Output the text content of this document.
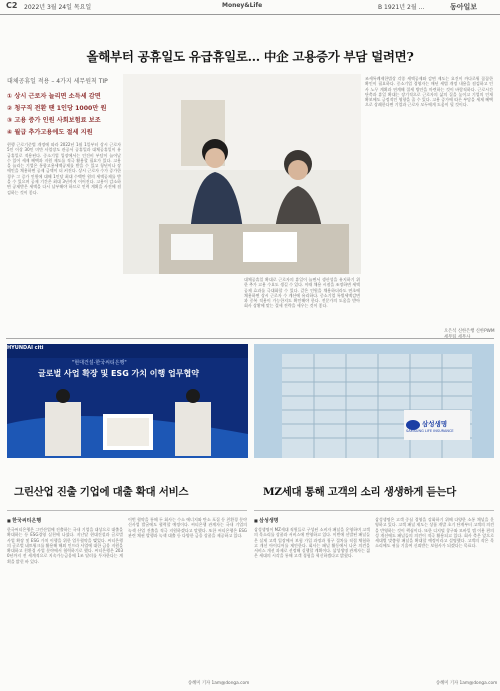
C2 2022년 3월 24일 목요일	Money&Life	B 1921년 2월 ...	동아일보
올해부터 공휴일도 유급휴일로… 中企 고용증가 부담 덜려면?
대체공휴일 적용 – 4가지 세무원칙 TIP
① 상시 근로자 늘리면 소득세 감면
② 청구직 전환 땐 1인당 1000만 원
③ 고용 증가 인원 사회보험료 보조
④ 월급 추가고용에도 절세 지원
현행 근로기준법 개정에 따라 2022년 1월 1일부터 상시 근로자 5인 이상 30인 미만 사업장도 관공서 공휴일과 대체공휴일이 유급휴일로 적용된다. 중소기업 입장에서는 인건비 부담이 늘어날 수 있어 세제 혜택과 지원 제도를 적극 활용할 필요가 있다. 고용을 늘리는 기업은 통합고용세액공제를 받을 수 있고 청년이나 장애인을 채용하면 공제 금액이 더 커진다. 상시 근로자 수가 증가한 경우 그 증가 인원에 대해 1인당 최대 수백만 원의 세액공제를 받을 수 있으며 공제 기간은 최대 3년까지 이어진다. 고용이 감소하면 공제받은 세액을 다시 납부해야 하므로 인력 계획을 사전에 점검하는 것이 좋다.
대체공휴일 확대로 근로자의 휴일이 늘면서 생산성을 유지하기 위한 추가 고용 수요도 생길 수 있다. 이때 채용 시점을 조정하면 세액공제 효과를 극대화할 수 있다. 같은 인원을 채용하더라도 연초에 채용하면 상시 근로자 수 계산에 유리하다. 중소기업 특별세액감면과 중복 적용이 가능한지도 확인해야 한다. 전문가의 도움을 받아 회사 상황에 맞는 절세 전략을 세우는 것이 좋다.
조세특례제한법상 각종 세액공제와 감면 제도는 요건이 까다로워 꼼꼼한 확인이 필요하다. 중소기업 경영자는 매년 세법 개정 내용을 점검하고 인사 노무 계획과 연계해 절세 방안을 마련하는 것이 바람직하다. 근로시간 단축과 휴일 확대는 장기적으로 근로자의 삶의 질을 높이고 기업의 인재 확보에도 긍정적인 영향을 줄 수 있다. 고용 증가에 따른 부담을 세제 혜택으로 상쇄한다면 기업과 근로자 모두에게 도움이 될 것이다.
오은석 신한은행 신한PWM 세무팀 세무사
HYUNDAI citi
"현대건설-한국씨티은행"
글로벌 사업 확장 및 ESG 가치 이행 업무협약
삼성생명
SAMSUNG LIFE INSURANCE
그린산업 진출 기업에 대출 확대 서비스	MZ세대 통해 고객의 소리 생생하게 듣는다
■ 한국씨티은행
■	삼성생명
한국씨티은행은 그린산업에 진출하는 국내 기업을 대상으로 대출을 확대하는 등 ESG경영 실천에 나섰다. 지난달 현대건설과 글로벌 사업 확장 및 ESG 가치 이행을 위한 업무협약을 맺었다. 씨티은행의 글로벌 네트워크를 활용해 해외 인프라 사업에 대한 금융 지원을 확대하고 친환경 사업 분야에서 협력하기로 했다. 씨티은행은 2030년까지 전 세계적으로 지속가능금융에 1조 달러를 투자한다는 계획을 밝힌 바 있다.
이번 협약을 통해 두 회사는 수소 에너지와 탄소 포집 등 친환경 분야 신사업 발굴에도 협력할 예정이다. 씨티은행 관계자는 국내 기업의 녹색 산업 진출을 적극 지원하겠다고 말했다. 또한 씨티은행은 ESG 관련 채권 발행과 녹색 대출 등 다양한 금융 상품을 제공하고 있다.
삼성생명이 MZ세대 직원들로 구성된 소비자 패널을 운영하며 고객의 목소리를 상품과 서비스에 반영하고 있다. 이번에 선발된 패널들은 실제 고객 입장에서 보험 가입 과정과 청구 절차를 직접 체험하고 개선 아이디어를 제안한다. 회사는 패널 활동에서 나온 의견을 서비스 개선 과제로 선정해 실행할 계획이다. 삼성생명 관계자는 젊은 세대의 시각을 통해 고객 경험을 혁신하겠다고 밝혔다.
삼성생명은 고객 중심 경영을 강화하기 위해 다양한 소통 채널을 운영하고 있다. 고객 패널 제도는 상품 개발 초기 단계부터 고객의 의견을 반영하는 것이 핵심이다. 또한 디지털 창구와 모바일 앱 이용 편의성 개선에도 패널들의 의견이 적극 활용되고 있다. 회사 측은 앞으로 세대별 맞춤형 패널을 확대할 예정이라고 설명했다. 고객의 작은 목소리에도 귀를 기울여 신뢰받는 보험사가 되겠다는 목표다.
송혜미 기자 1am@donga.com	송혜미 기자 1am@donga.com
